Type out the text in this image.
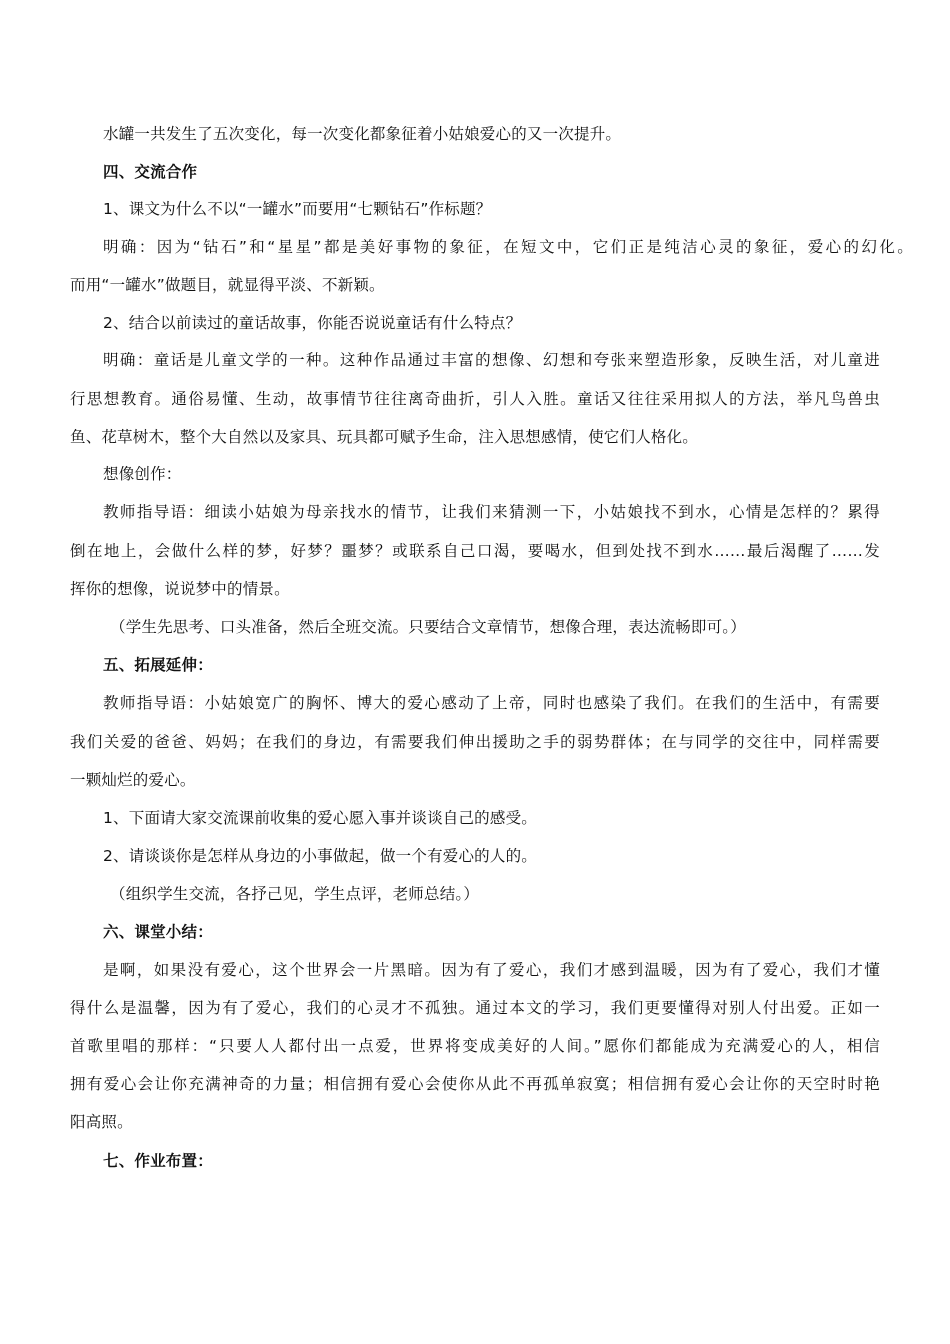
水罐一共发生了五次变化，每一次变化都象征着小姑娘爱心的又一次提升。
四、交流合作
1、课文为什么不以“一罐水”而要用“七颗钻石”作标题？
明确：因为“钻石”和“星星”都是美好事物的象征，在短文中，它们正是纯洁心灵的象征，爱心的幻化。
而用“一罐水”做题目，就显得平淡、不新颖。
2、结合以前读过的童话故事，你能否说说童话有什么特点？
明确：童话是儿童文学的一种。这种作品通过丰富的想像、幻想和夸张来塑造形象，反映生活，对儿童进
行思想教育。通俗易懂、生动，故事情节往往离奇曲折，引人入胜。童话又往往采用拟人的方法，举凡鸟兽虫
鱼、花草树木，整个大自然以及家具、玩具都可赋予生命，注入思想感情，使它们人格化。
想像创作：
教师指导语：细读小姑娘为母亲找水的情节，让我们来猜测一下，小姑娘找不到水，心情是怎样的？累得
倒在地上，会做什么样的梦，好梦？噩梦？或联系自己口渴，要喝水，但到处找不到水……最后渴醒了……发
挥你的想像，说说梦中的情景。
（学生先思考、口头准备，然后全班交流。只要结合文章情节，想像合理，表达流畅即可。）
五、拓展延伸：
教师指导语：小姑娘宽广的胸怀、博大的爱心感动了上帝，同时也感染了我们。在我们的生活中，有需要
我们关爱的爸爸、妈妈；在我们的身边，有需要我们伸出援助之手的弱势群体；在与同学的交往中，同样需要
一颗灿烂的爱心。
1、下面请大家交流课前收集的爱心愿入事并谈谈自己的感受。
2、请谈谈你是怎样从身边的小事做起，做一个有爱心的人的。
（组织学生交流，各抒己见，学生点评，老师总结。）
六、课堂小结：
是啊，如果没有爱心，这个世界会一片黑暗。因为有了爱心，我们才感到温暖，因为有了爱心，我们才懂
得什么是温馨，因为有了爱心，我们的心灵才不孤独。通过本文的学习，我们更要懂得对别人付出爱。正如一
首歌里唱的那样：“只要人人都付出一点爱，世界将变成美好的人间。”愿你们都能成为充满爱心的人，相信
拥有爱心会让你充满神奇的力量；相信拥有爱心会使你从此不再孤单寂寞；相信拥有爱心会让你的天空时时艳
阳高照。
七、作业布置：
